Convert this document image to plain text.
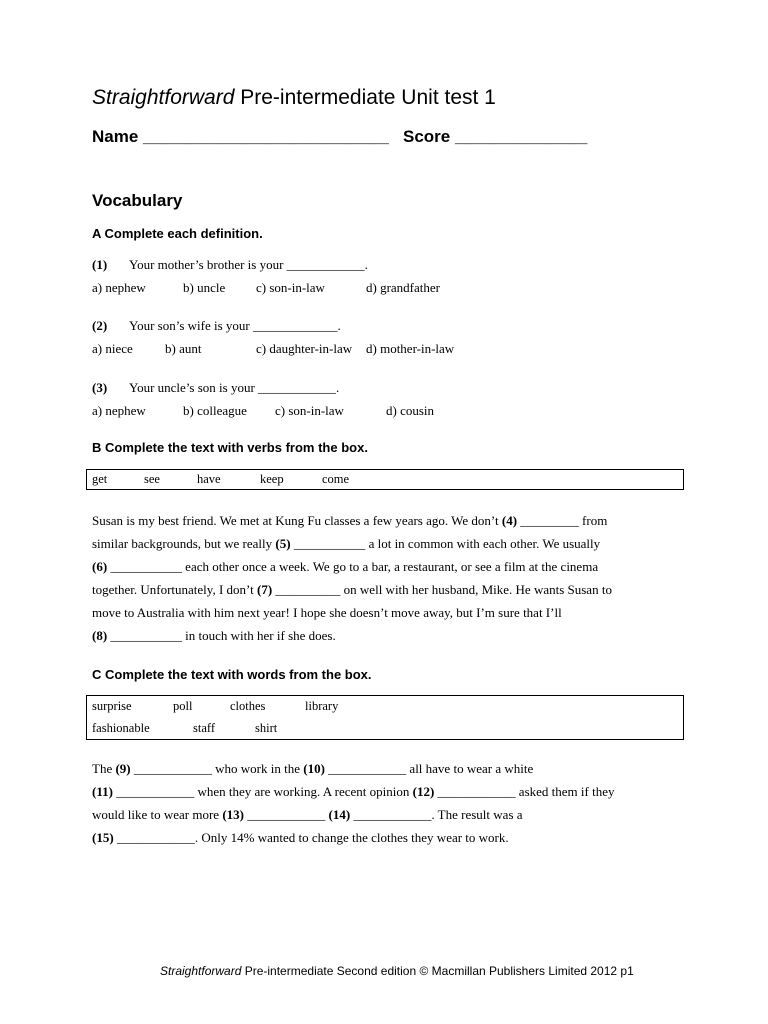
Straightforward Pre-intermediate Unit test 1
Name __________________________ Score ______________
Vocabulary
A Complete each definition.
(1) Your mother’s brother is your ____________.
a) nephew	b) uncle c) son-in-law	d) grandfather
(2) Your son’s wife is your _____________.
a) niece b) aunt	c) daughter-in-law d) mother-in-law
(3) Your uncle’s son is your ____________.
a) nephew	b) colleague c) son-in-law	d) cousin
B Complete the text with verbs from the box.
get	see	have	keep	come
Susan is my best friend. We met at Kung Fu classes a few years ago. We don’t (4) _________ from
similar backgrounds, but we really (5) ___________ a lot in common with each other. We usually
(6) ___________ each other once a week. We go to a bar, a restaurant, or see a film at the cinema
together. Unfortunately, I don’t (7) __________ on well with her husband, Mike. He wants Susan to
move to Australia with him next year! I hope she doesn’t move away, but I’m sure that I’ll
(8) ___________ in touch with her if she does.
C Complete the text with words from the box.
surprise	poll	clothes	library
fashionable	staff	shirt
The (9) ____________ who work in the (10) ____________ all have to wear a white
(11) ____________ when they are working. A recent opinion (12) ____________ asked them if they
would like to wear more (13) ____________ (14) ____________. The result was a
(15) ____________. Only 14% wanted to change the clothes they wear to work.
Straightforward Pre-intermediate Second edition © Macmillan Publishers Limited 2012 p1
